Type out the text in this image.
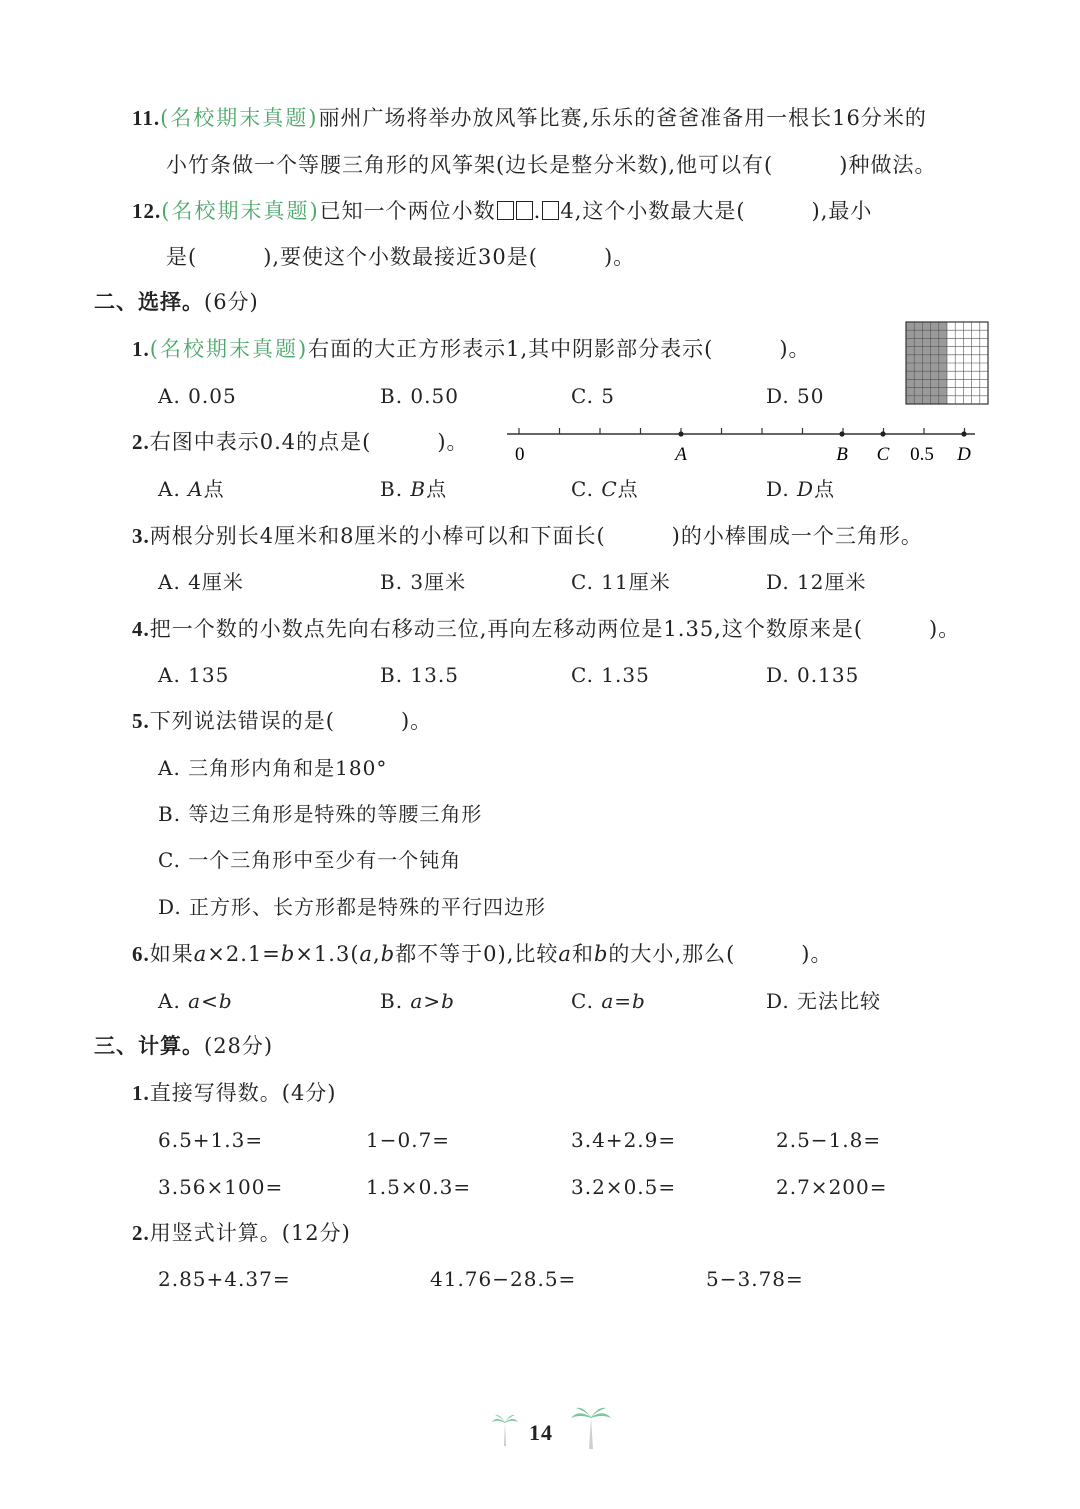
11.(名校期末真题)丽州广场将举办放风筝比赛,乐乐的爸爸准备用一根长16分米的
小竹条做一个等腰三角形的风筝架(边长是整分米数),他可以有(　　　)种做法。
12.(名校期末真题)已知一个两位小数 . 4,这个小数最大是(　　　),最小
是(　　　),要使这个小数最接近30是(　　　)。
二、选择。(6分)
1.(名校期末真题)右面的大正方形表示1,其中阴影部分表示(　　　)。
A. 0.05	B. 0.50	C. 5	D. 50
2.右图中表示0.4的点是(　　　)。
0	A	B C 0.5 D
A. A点	B. B点	C. C点	D. D点
3.两根分别长4厘米和8厘米的小棒可以和下面长(　　　)的小棒围成一个三角形。
A. 4厘米	B. 3厘米	C. 11厘米	D. 12厘米
4.把一个数的小数点先向右移动三位,再向左移动两位是1.35,这个数原来是(　　　)。
A. 135	B. 13.5	C. 1.35	D. 0.135
5.下列说法错误的是(　　　)。
A. 三角形内角和是180°
B. 等边三角形是特殊的等腰三角形
C. 一个三角形中至少有一个钝角
D. 正方形、长方形都是特殊的平行四边形
6.如果a×2.1=b×1.3(a,b都不等于0),比较a和b的大小,那么(　　　)。
A. a<b	B. a>b	C. a=b	D. 无法比较
三、计算。(28分)
1.直接写得数。(4分)
6.5+1.3=	1−0.7=	3.4+2.9=	2.5−1.8=
3.56×100=	1.5×0.3=	3.2×0.5=	2.7×200=
2.用竖式计算。(12分)
2.85+4.37=	41.76−28.5=	5−3.78=
14
